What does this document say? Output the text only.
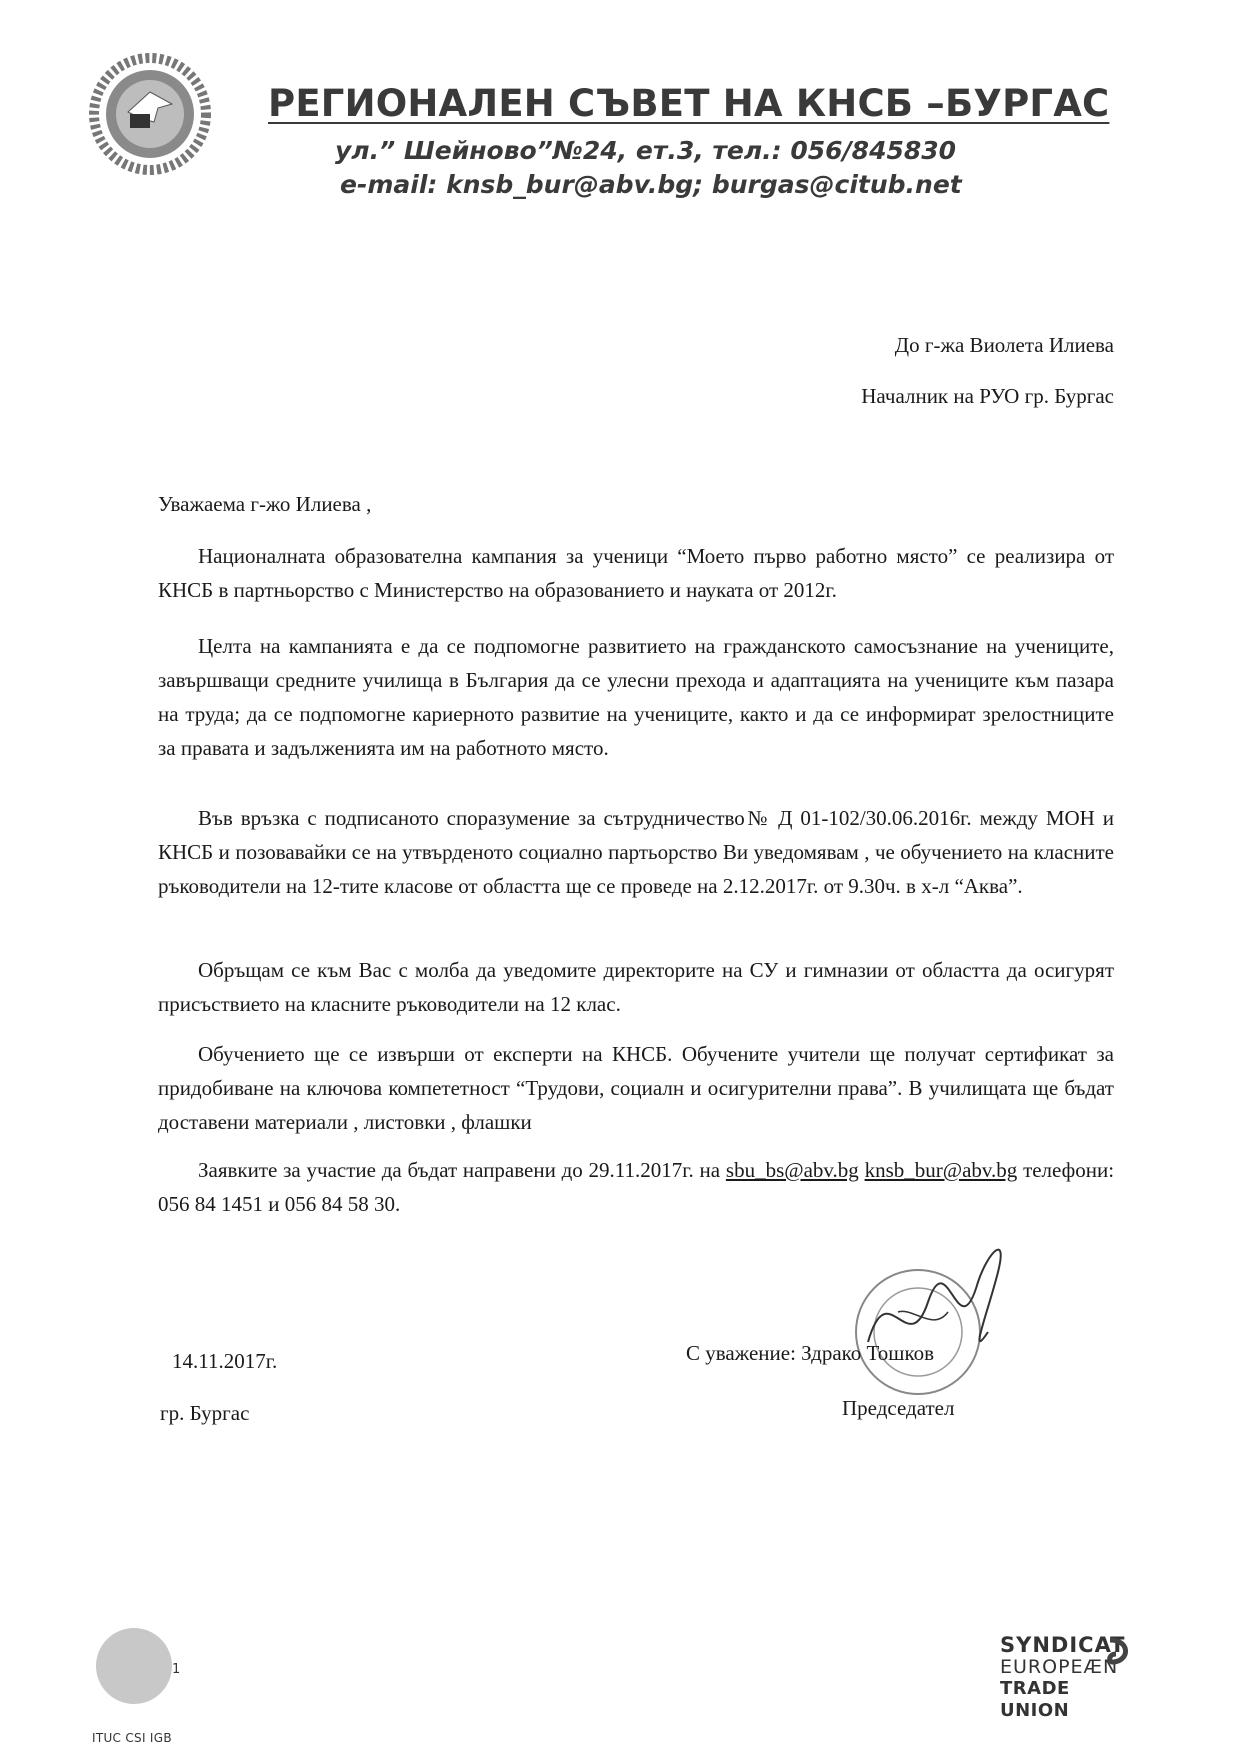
РЕГИОНАЛЕН СЪВЕТ НА КНСБ –БУРГАС
ул.” Шейново”№24, ет.3, тел.: 056/845830
e-mail: knsb_bur@abv.bg; burgas@citub.net
До г-жа Виолета Илиева
Началник на РУО гр. Бургас
Уважаема г-жо Илиева ,
Националната образователна кампания за ученици “Моето първо работно място” се реализира от КНСБ в партньорство с Министерство на образованието и науката от 2012г.
Целта на кампанията е да се подпомогне развитието на гражданското самосъзнание на учениците, завършващи средните училища в България да се улесни прехода и адаптацията на учениците към пазара на труда; да се подпомогне кариерното развитие на учениците, както и да се информират зрелостниците за правата и задълженията им на работното място.
Във връзка с подписаното споразумение за сътрудничество№ Д 01-102/30.06.2016г. между МОН и КНСБ и позовавайки се на утвърденото социално партьорство Ви уведомявам , че обучението на класните ръководители на 12-тите класове от областта ще се проведе на 2.12.2017г. от 9.30ч. в х-л “Аква”.
Обръщам се към Вас с молба да уведомите директорите на СУ и гимназии от областта да осигурят присъствието на класните ръководители на 12 клас.
Обучението ще се извърши от експерти на КНСБ. Обучените учители ще получат сертификат за придобиване на ключова компететност “Трудови, социалн и осигурителни права”. В училищата ще бъдат доставени материали , листовки , флашки
Заявките за участие да бъдат направени до 29.11.2017г. на sbu_bs@abv.bg knsb_bur@abv.bg телефони: 056 84 1451 и 056 84 58 30.
14.11.2017г.
гр. Бургас
С уважение: Здрако Тошков
Председател
1
ITUC CSI IGB
SYNDICAT
EUROPEÆN
TRADE UNION
